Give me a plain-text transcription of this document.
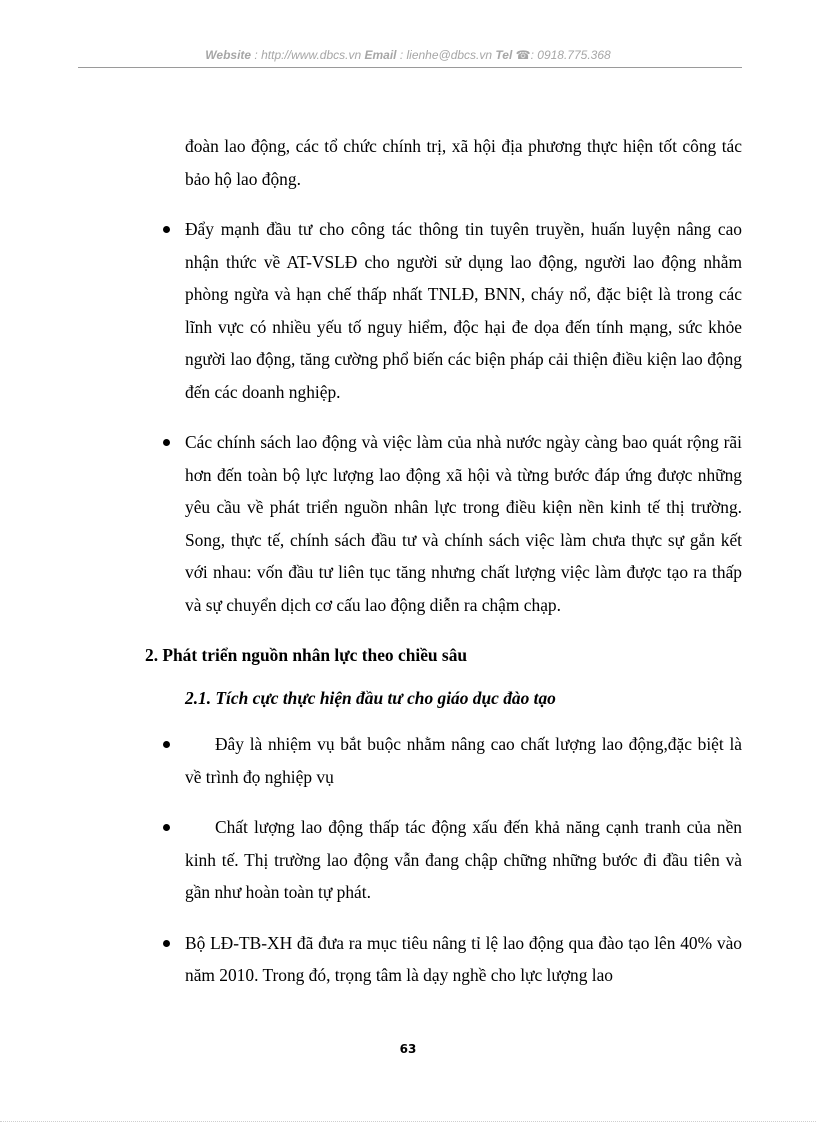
Website : http://www.dbcs.vn Email : lienhe@dbcs.vn Tel ☎: 0918.775.368

đoàn lao động, các tổ chức chính trị, xã hội địa phương thực hiện tốt công tác bảo hộ lao động.

Đẩy mạnh đầu tư cho công tác thông tin tuyên truyền, huấn luyện nâng cao nhận thức về AT-VSLĐ cho người sử dụng lao động, người lao động nhằm phòng ngừa và hạn chế thấp nhất TNLĐ, BNN, cháy nổ, đặc biệt là trong các lĩnh vực có nhiều yếu tố nguy hiểm, độc hại đe dọa đến tính mạng, sức khỏe người lao động, tăng cường phổ biến các biện pháp cải thiện điều kiện lao động đến các doanh nghiệp.

Các chính sách lao động và việc làm của nhà nước ngày càng bao quát rộng rãi hơn đến toàn bộ lực lượng lao động xã hội và từng bước đáp ứng được những yêu cầu về phát triển nguồn nhân lực trong điều kiện nền kinh tế thị trường. Song, thực tế, chính sách đầu tư và chính sách việc làm chưa thực sự gắn kết với nhau: vốn đầu tư liên tục tăng nhưng chất lượng việc làm được tạo ra thấp và sự chuyển dịch cơ cấu lao động diễn ra chậm chạp.

2. Phát triển nguồn nhân lực theo chiều sâu

2.1. Tích cực thực hiện đầu tư cho giáo dục đào tạo

Đây là nhiệm vụ bắt buộc nhằm nâng cao chất lượng lao động,đặc biệt là về trình đọ nghiệp vụ

Chất lượng lao động thấp tác động xấu đến khả năng cạnh tranh của nền kinh tế. Thị trường lao động vẫn đang chập chững những bước đi đầu tiên và gần như hoàn toàn tự phát.

Bộ LĐ-TB-XH đã đưa ra mục tiêu nâng tỉ lệ lao động qua đào tạo lên 40% vào năm 2010. Trong đó, trọng tâm là dạy nghề cho lực lượng lao

63
